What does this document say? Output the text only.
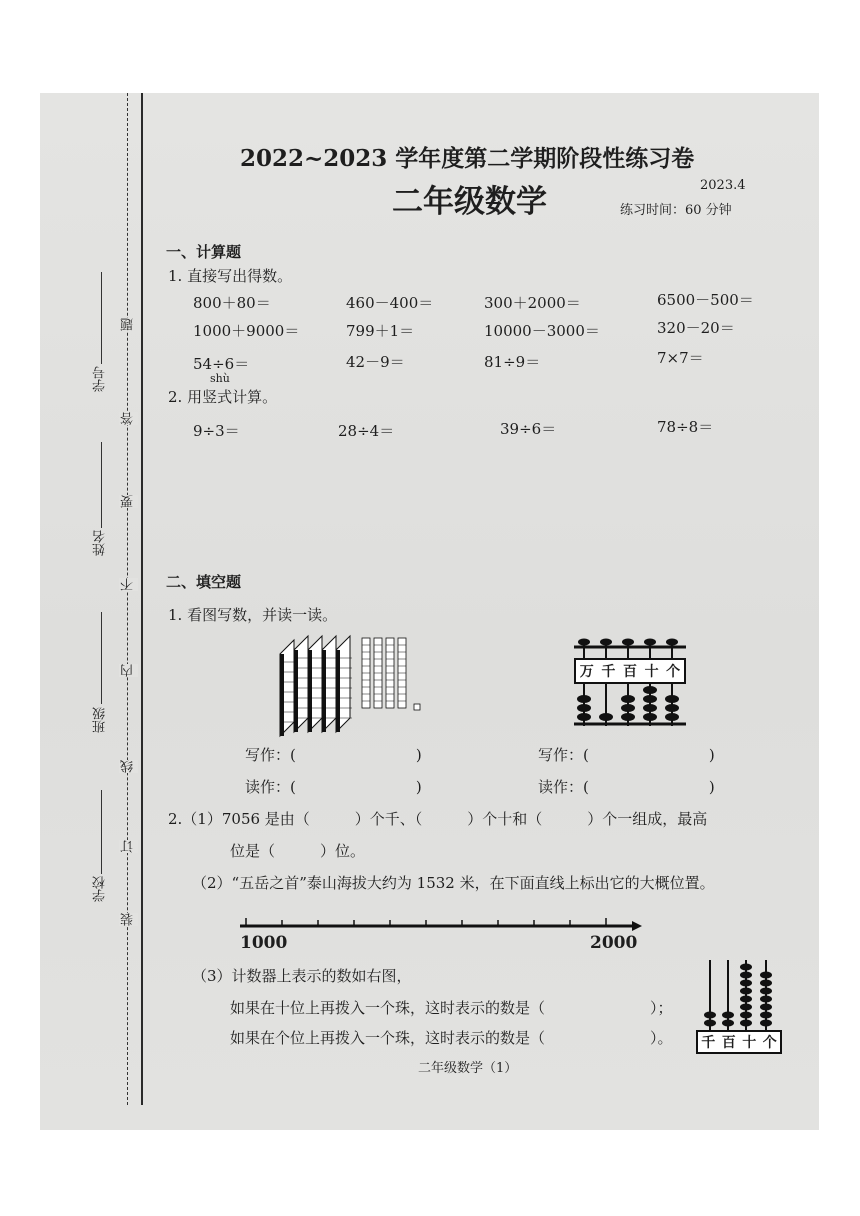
学号
姓名
班级
学校
题
答
要
不
内
线
订
装
2022~2023 学年度第二学期阶段性练习卷
二年级数学	2023.4
练习时间：60 分钟
一、计算题
1. 直接写出得数。
800＋80＝	460－400＝	300＋2000＝	6500－500＝
1000＋9000＝	799＋1＝	10000－3000＝	320－20＝
54÷6＝	42－9＝	81÷9＝	7×7＝
shù
2. 用竖式计算。
9÷3＝	28÷4＝	39÷6＝	78÷8＝
二、填空题
1. 看图写数，并读一读。
万 千 百 十 个
写作：(　　　　　　　　)
读作：(　　　　　　　　)
写作：(　　　　　　　　)
读作：(　　　　　　　　)
2.（1）7056 是由（　　　）个千、（　　　）个十和（　　　）个一组成，最高
位是（　　　）位。
（2）“五岳之首”泰山海拔大约为 1532 米，在下面直线上标出它的大概位置。
1000	2000
（3）计数器上表示的数如右图，
如果在十位上再拨入一个珠，这时表示的数是（　　　　　　　）；
如果在个位上再拨入一个珠，这时表示的数是（　　　　　　　）。 千 百 十 个
二年级数学（1）
